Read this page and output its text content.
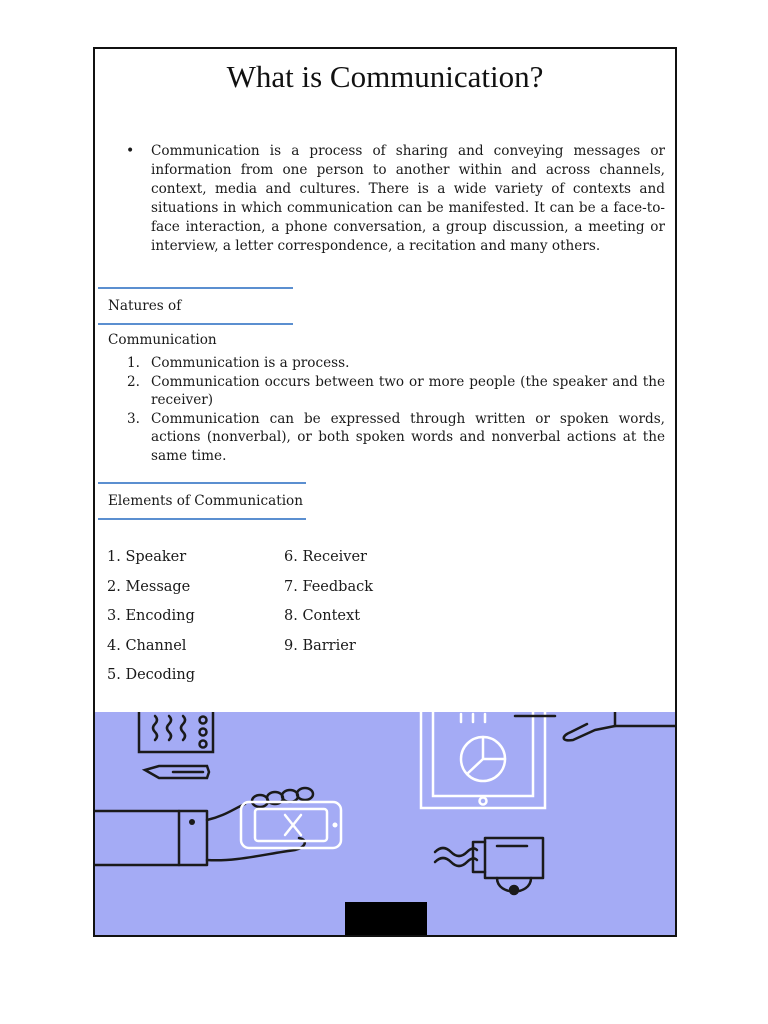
What is Communication?
• Communication is a process of sharing and conveying messages or information from one person to another within and across channels, context, media and cultures. There is a wide variety of contexts and situations in which communication can be manifested. It can be a face-to-face interaction, a phone conversation, a group discussion, a meeting or interview, a letter correspondence, a recitation and many others.
Natures of Communication
1. Communication is a process.
2. Communication occurs between two or more people (the speaker and the receiver)
3. Communication can be expressed through written or spoken words, actions (nonverbal), or both spoken words and nonverbal actions at the same time.
Elements of Communication
1. Speaker
2. Message
3. Encoding
4. Channel
5. Decoding
6. Receiver
7. Feedback
8. Context
9. Barrier
